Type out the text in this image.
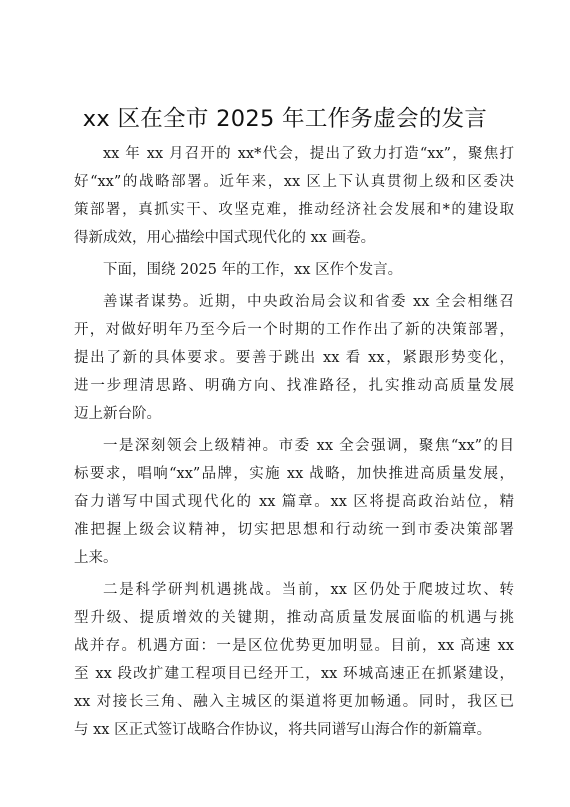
xx 区在全市 2025 年工作务虚会的发言
xx 年 xx 月召开的 xx*代会，提出了致力打造“xx”，聚焦打
好“xx”的战略部署。近年来，xx 区上下认真贯彻上级和区委决
策部署，真抓实干、攻坚克难，推动经济社会发展和*的建设取
得新成效，用心描绘中国式现代化的 xx 画卷。
下面，围绕 2025 年的工作，xx 区作个发言。
善谋者谋势。近期，中央政治局会议和省委 xx 全会相继召
开，对做好明年乃至今后一个时期的工作作出了新的决策部署，
提出了新的具体要求。要善于跳出 xx 看 xx，紧跟形势变化，
进一步理清思路、明确方向、找准路径，扎实推动高质量发展
迈上新台阶。
一是深刻领会上级精神。市委 xx 全会强调，聚焦“xx”的目
标要求，唱响“xx”品牌，实施 xx 战略，加快推进高质量发展，
奋力谱写中国式现代化的 xx 篇章。xx 区将提高政治站位，精
准把握上级会议精神，切实把思想和行动统一到市委决策部署
上来。
二是科学研判机遇挑战。当前，xx 区仍处于爬坡过坎、转
型升级、提质增效的关键期，推动高质量发展面临的机遇与挑
战并存。机遇方面：一是区位优势更加明显。目前，xx 高速 xx
至 xx 段改扩建工程项目已经开工，xx 环城高速正在抓紧建设，
xx 对接长三角、融入主城区的渠道将更加畅通。同时，我区已
与 xx 区正式签订战略合作协议，将共同谱写山海合作的新篇章。
